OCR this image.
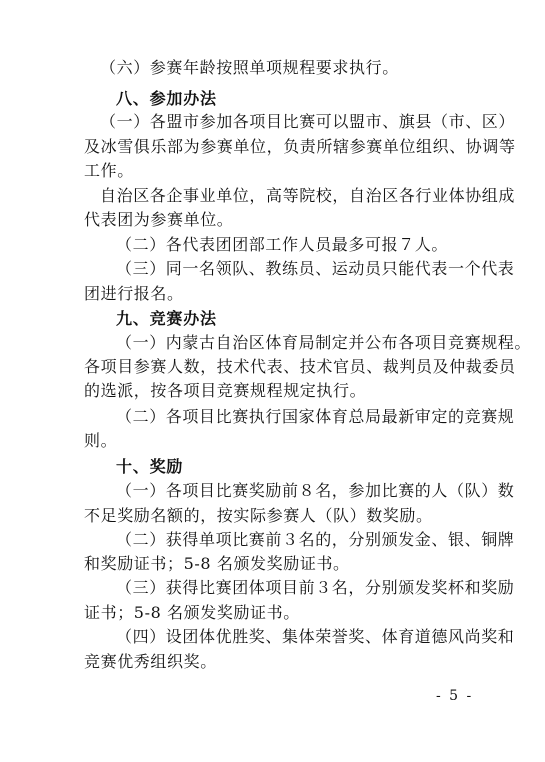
（六）参赛年龄按照单项规程要求执行。
八、参加办法
（一）各盟市参加各项目比赛可以盟市、旗县（市、区）
及冰雪俱乐部为参赛单位，负责所辖参赛单位组织、协调等
工作。
自治区各企事业单位，高等院校，自治区各行业体协组成
代表团为参赛单位。
（二）各代表团团部工作人员最多可报７人。
（三）同一名领队、教练员、运动员只能代表一个代表
团进行报名。
九、竞赛办法
（一）内蒙古自治区体育局制定并公布各项目竞赛规程。
各项目参赛人数，技术代表、技术官员、裁判员及仲裁委员
的选派，按各项目竞赛规程规定执行。
（二）各项目比赛执行国家体育总局最新审定的竞赛规
则。
十、奖励
（一）各项目比赛奖励前８名，参加比赛的人（队）数
不足奖励名额的，按实际参赛人（队）数奖励。
（二）获得单项比赛前３名的，分别颁发金、银、铜牌
和奖励证书；5-8 名颁发奖励证书。
（三）获得比赛团体项目前３名，分别颁发奖杯和奖励
证书；5-8 名颁发奖励证书。
（四）设团体优胜奖、集体荣誉奖、体育道德风尚奖和
竞赛优秀组织奖。
- 5 -
